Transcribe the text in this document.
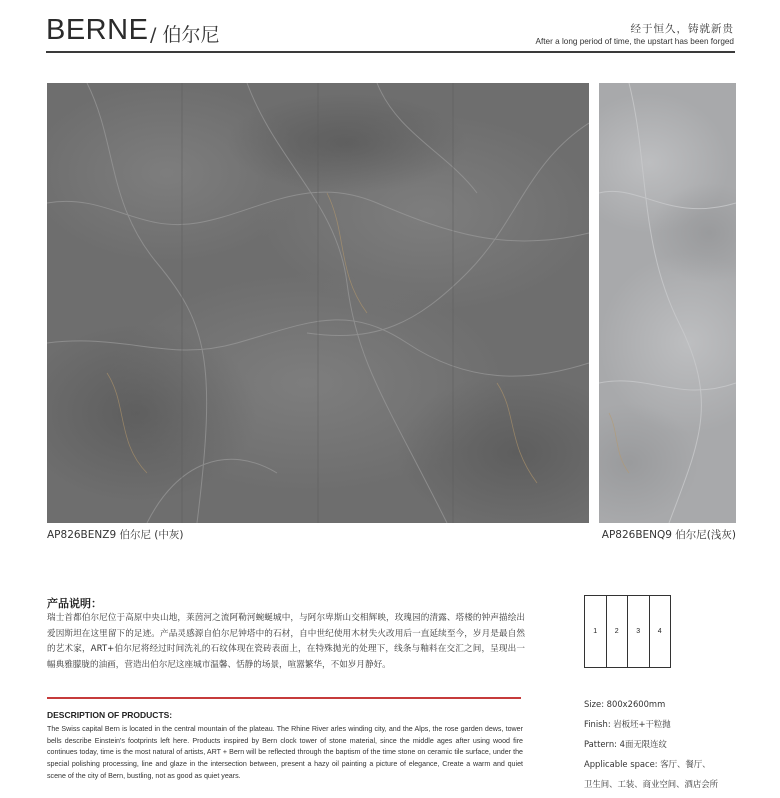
BERNE / 伯尔尼	经于恒久，铸就新贵
After a long period of time, the upstart has been forged
AP826BENZ9 伯尔尼 (中灰)	AP826BENQ9 伯尔尼(浅灰)
产品说明：
瑞士首都伯尔尼位于高原中央山地，莱茵河之流阿勒河蜿蜒城中，与阿尔卑斯山交相辉映，玫瑰园的清露、塔楼的钟声描绘出爱因斯坦在这里留下的足迹。产品灵感源自伯尔尼钟塔中的石材，自中世纪使用木材失火改用后一直延续至今，岁月是最自然的艺术家，ART+伯尔尼将经过时间洗礼的石纹体现在瓷砖表面上，在特殊抛光的处理下，线条与釉料在交汇之间，呈现出一幅典雅朦胧的油画，营造出伯尔尼这座城市温馨、恬静的场景，喧嚣繁华，不如岁月静好。
DESCRIPTION OF PRODUCTS:
The Swiss capital Bern is located in the central mountain of the plateau. The Rhine River arles winding city, and the Alps, the rose garden dews, tower bells describe Einstein's footprints left here. Products inspired by Bern clock tower of stone material, since the middle ages after using wood fire continues today, time is the most natural of artists, ART + Bern will be reflected through the baptism of the time stone on ceramic tile surface, under the special polishing processing, line and glaze in the intersection between, present a hazy oil painting a picture of elegance, Create a warm and quiet scene of the city of Bern, bustling, not as good as quiet years.
1	2	3	4
Size: 800x2600mm
Finish: 岩板坯+干粒抛
Pattern: 4面无限连纹
Applicable space: 客厅、餐厅、
卫生间、工装、商业空间、酒店会所
